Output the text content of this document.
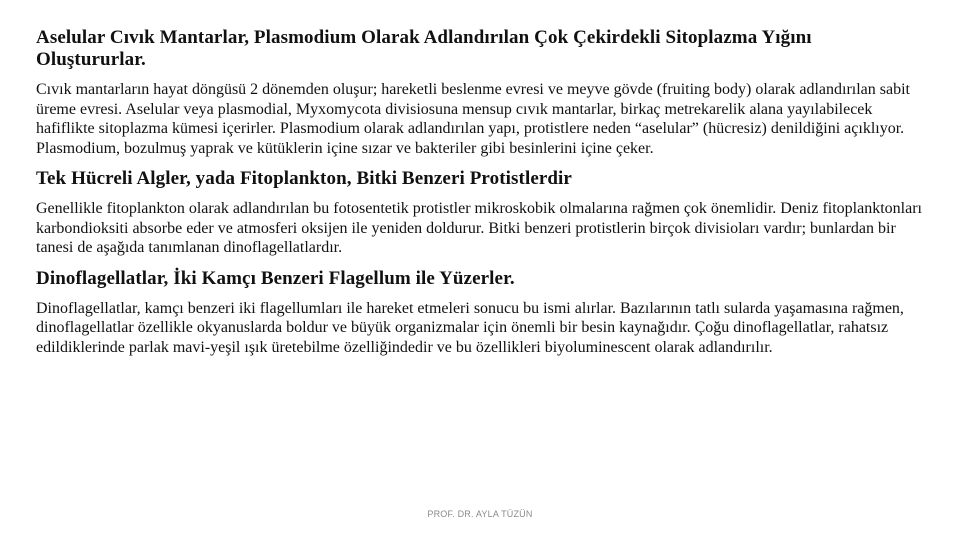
Aselular Cıvık Mantarlar, Plasmodium Olarak Adlandırılan Çok Çekirdekli Sitoplazma Yığını Oluştururlar.

Cıvık mantarların hayat döngüsü 2 dönemden oluşur; hareketli beslenme evresi ve meyve gövde (fruiting body) olarak adlandırılan sabit üreme evresi. Aselular veya plasmodial, Myxomycota divisiosuna mensup cıvık mantarlar, birkaç metrekarelik alana yayılabilecek hafiflikte sitoplazma kümesi içerirler. Plasmodium olarak adlandırılan yapı, protistlere neden “aselular” (hücresiz) denildiğini açıklıyor. Plasmodium, bozulmuş yaprak ve kütüklerin içine sızar ve bakteriler gibi besinlerini içine çeker.

Tek Hücreli Algler, yada Fitoplankton, Bitki Benzeri Protistlerdir

Genellikle fitoplankton olarak adlandırılan bu fotosentetik protistler mikroskobik olmalarına rağmen çok önemlidir. Deniz fitoplanktonları karbondioksiti absorbe eder ve atmosferi oksijen ile yeniden doldurur. Bitki benzeri protistlerin birçok divisioları vardır; bunlardan bir tanesi de aşağıda tanımlanan dinoflagellatlardır.

Dinoflagellatlar, İki Kamçı Benzeri Flagellum ile Yüzerler.

Dinoflagellatlar, kamçı benzeri iki flagellumları ile hareket etmeleri sonucu bu ismi alırlar. Bazılarının tatlı sularda yaşamasına rağmen, dinoflagellatlar özellikle okyanuslarda boldur ve büyük organizmalar için önemli bir besin kaynağıdır. Çoğu dinoflagellatlar, rahatsız edildiklerinde parlak mavi-yeşil ışık üretebilme özelliğindedir ve bu özellikleri biyoluminescent olarak adlandırılır.

PROF. DR. AYLA TÜZÜN
